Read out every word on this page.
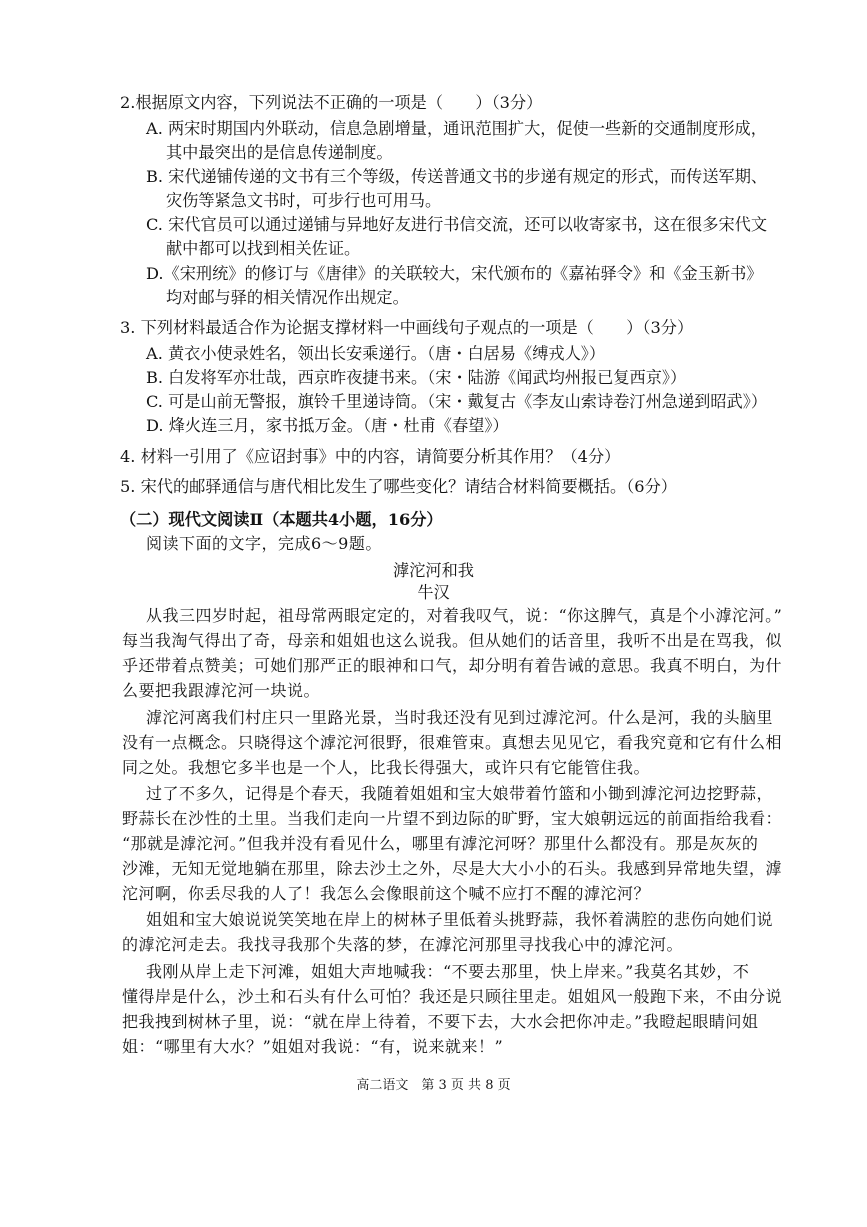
2.根据原文内容，下列说法不正确的一项是（　　）（3分）
A. 两宋时期国内外联动，信息急剧增量，通讯范围扩大，促使一些新的交通制度形成，
其中最突出的是信息传递制度。
B. 宋代递铺传递的文书有三个等级，传送普通文书的步递有规定的形式，而传送军期、
灾伤等紧急文书时，可步行也可用马。
C. 宋代官员可以通过递铺与异地好友进行书信交流，还可以收寄家书，这在很多宋代文
献中都可以找到相关佐证。
D.《宋刑统》的修订与《唐律》的关联较大，宋代颁布的《嘉祐驿令》和《金玉新书》
均对邮与驿的相关情况作出规定。
3. 下列材料最适合作为论据支撑材料一中画线句子观点的一项是（　　）（3分）
A. 黄衣小使录姓名，领出长安乘递行。（唐・白居易《缚戎人》）
B. 白发将军亦壮哉，西京昨夜捷书来。（宋・陆游《闻武均州报已复西京》）
C. 可是山前无警报，旗铃千里递诗筒。（宋・戴复古《李友山索诗卷汀州急递到昭武》）
D. 烽火连三月，家书抵万金。（唐・杜甫《春望》）
4. 材料一引用了《应诏封事》中的内容，请简要分析其作用？（4分）
5. 宋代的邮驿通信与唐代相比发生了哪些变化？请结合材料简要概括。（6分）
（二）现代文阅读Ⅱ（本题共4小题，16分）
阅读下面的文字，完成6～9题。
滹沱河和我
牛汉
从我三四岁时起，祖母常两眼定定的，对着我叹气，说：“你这脾气，真是个小滹沱河。”
每当我淘气得出了奇，母亲和姐姐也这么说我。但从她们的话音里，我听不出是在骂我，似
乎还带着点赞美；可她们那严正的眼神和口气，却分明有着告诫的意思。我真不明白，为什
么要把我跟滹沱河一块说。
滹沱河离我们村庄只一里路光景，当时我还没有见到过滹沱河。什么是河，我的头脑里
没有一点概念。只晓得这个滹沱河很野，很难管束。真想去见见它，看我究竟和它有什么相
同之处。我想它多半也是一个人，比我长得强大，或许只有它能管住我。
过了不多久，记得是个春天，我随着姐姐和宝大娘带着竹篮和小锄到滹沱河边挖野蒜，
野蒜长在沙性的土里。当我们走向一片望不到边际的旷野，宝大娘朝远远的前面指给我看：
“那就是滹沱河。”但我并没有看见什么，哪里有滹沱河呀？那里什么都没有。那是灰灰的
沙滩，无知无觉地躺在那里，除去沙土之外，尽是大大小小的石头。我感到异常地失望，滹
沱河啊，你丢尽我的人了！我怎么会像眼前这个喊不应打不醒的滹沱河？
姐姐和宝大娘说说笑笑地在岸上的树林子里低着头挑野蒜，我怀着满腔的悲伤向她们说
的滹沱河走去。我找寻我那个失落的梦，在滹沱河那里寻找我心中的滹沱河。
我刚从岸上走下河滩，姐姐大声地喊我：“不要去那里，快上岸来。”我莫名其妙，不
懂得岸是什么，沙土和石头有什么可怕？我还是只顾往里走。姐姐风一般跑下来，不由分说
把我拽到树林子里，说：“就在岸上待着，不要下去，大水会把你冲走。”我瞪起眼睛问姐
姐：“哪里有大水？”姐姐对我说：“有，说来就来！”
高二语文　第 3 页 共 8 页
